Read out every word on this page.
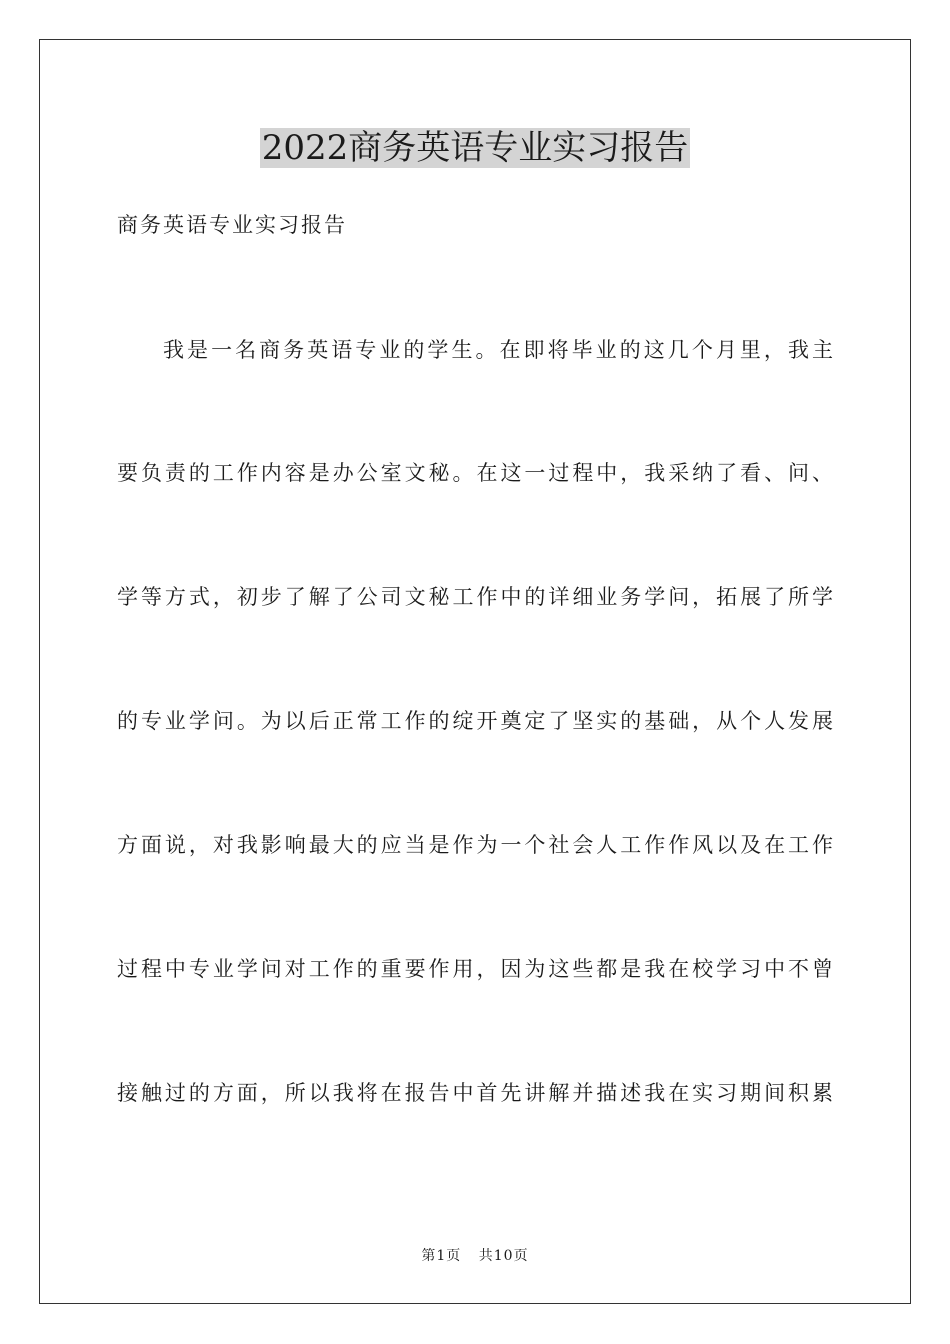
2022商务英语专业实习报告
商务英语专业实习报告
我是一名商务英语专业的学生。在即将毕业的这几个月里，我主
要负责的工作内容是办公室文秘。在这一过程中，我采纳了看、问、
学等方式，初步了解了公司文秘工作中的详细业务学问，拓展了所学
的专业学问。为以后正常工作的绽开奠定了坚实的基础，从个人发展
方面说，对我影响最大的应当是作为一个社会人工作作风以及在工作
过程中专业学问对工作的重要作用，因为这些都是我在校学习中不曾
接触过的方面，所以我将在报告中首先讲解并描述我在实习期间积累
第1页 共10页
